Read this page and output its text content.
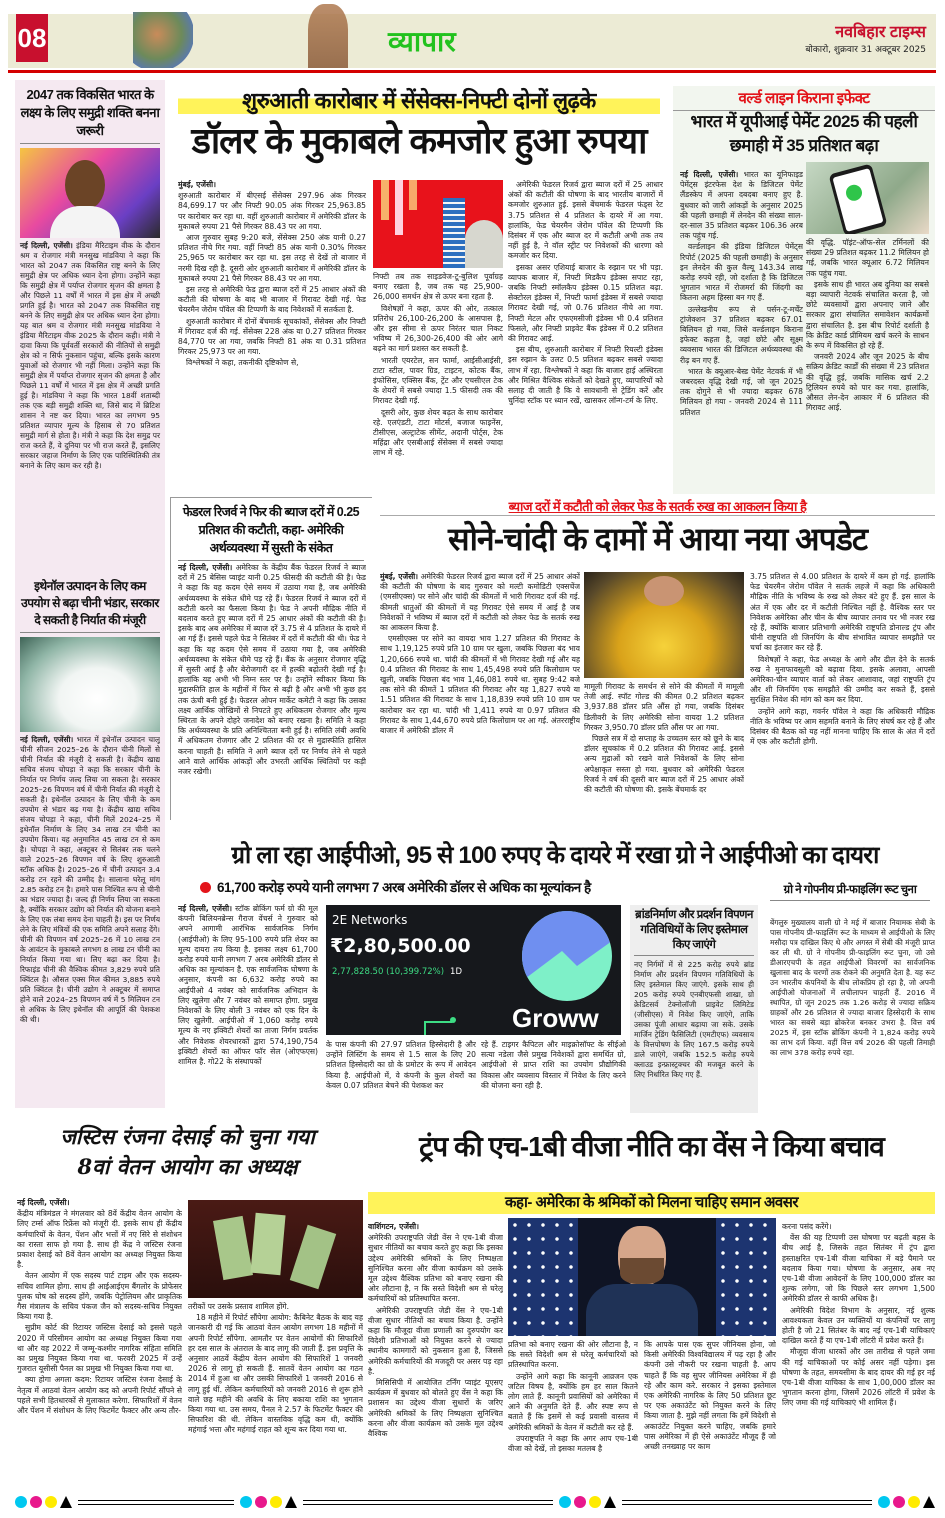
08	व्यापार	नवबिहार टाइम्स
बोकारो, शुक्रवार 31 अक्टूबर 2025
2047 तक विकसित भारत के लक्ष्य के लिए समुद्री शक्ति बनना जरूरी

नई दिल्ली, एजेंसी। इंडिया मैरिटाइम वीक के दौरान श्रम व रोजगार मंत्री मनसुख मांडविया ने कहा कि भारत को 2047 तक विकसित राष्ट्र बनने के लिए समुद्री क्षेत्र पर अधिक ध्यान देना होगा। उन्होंने कहा कि समुद्री क्षेत्र में पर्याप्त रोजगार सृजन की क्षमता है और पिछले 11 वर्षों में भारत में इस क्षेत्र में अच्छी प्रगति हुई है। भारत को 2047 तक विकसित राष्ट्र बनने के लिए समुद्री क्षेत्र पर अधिक ध्यान देना होगा। यह बात श्रम व रोजगार मंत्री मनसुख मांडविया ने इंडिया मैरिटाइम वीक 2025 के दौरान कही। मंत्री ने दावा किया कि पूर्ववर्ती सरकारों की नीतियों से समुद्री क्षेत्र को न सिर्फ नुकसान पहुंचा, बल्कि इसके कारण युवाओं को रोजगार भी नहीं मिला। उन्होंने कहा कि समुद्री क्षेत्र में पर्याप्त रोजगार सृजन की क्षमता है और पिछले 11 वर्षों में भारत में इस क्षेत्र में अच्छी प्रगति हुई है। मांडविया ने कहा कि भारत 18वीं शताब्दी तक एक बड़ी समुद्री शक्ति था, जिसे बाद में ब्रिटिश शासन ने नष्ट कर दिया। भारत का लगभग 95 प्रतिशत व्यापार मूल्य के हिसाब से 70 प्रतिशत समुद्री मार्ग से होता है। मंत्री ने कहा कि देश समुद्र पर राज करते हैं, वे दुनिया पर भी राज करते हैं, इसलिए सरकार जहाज निर्माण के लिए एक पारिस्थितिकी तंत्र बनाने के लिए काम कर रही है।

इथेनॉल उत्पादन के लिए कम उपयोग से बढ़ा चीनी भंडार, सरकार दे सकती है निर्यात की मंजूरी

नई दिल्ली, एजेंसी। भारत में इथेनॉल उत्पादन चालू चीनी सीजन 2025–26 के दौरान चीनी मिलों से चीनी निर्यात की मंजूरी दे सकती है। केंद्रीय खाद्य सचिव संजय चोपड़ा ने कहा कि सरकार चीनी के निर्यात पर निर्णय जल्द लिया जा सकता है। सरकार 2025–26 विपणन वर्ष में चीनी निर्यात की मंजूरी दे सकती है। इथेनॉल उत्पादन के लिए चीनी के कम उपयोग से भंडार बढ़ गया है। केंद्रीय खाद्य सचिव संजय चोपड़ा ने कहा, चीनी मिलें 2024–25 में इथेनॉल निर्माण के लिए 34 लाख टन चीनी का उपयोग किया। यह अनुमानित 45 लाख टन से कम है। चोपड़ा ने कहा, अक्टूबर से सितंबर तक चलने वाले 2025–26 विपणन वर्ष के लिए शुरुआती स्टॉक अधिक है। 2025–26 में चीनी उत्पादन 3.4 करोड़ टन रहने की उम्मीद है। सालाना घरेलू मांग 2.85 करोड़ टन है। हमारे पास निश्चित रूप से चीनी का भंडार ज्यादा है। जल्द ही निर्णय लिया जा सकता है, क्योंकि सरकार उद्योग को निर्यात की योजना बनाने के लिए एक लंबा समय देना चाहती है। इस पर निर्णय लेने के लिए मंत्रियों की एक समिति अपने सलाह देंगे। चीनी की विपणन वर्ष 2025–26 में 10 लाख टन के आवंटन के मुकाबले लगभग 8 लाख टन चीनी का निर्यात किया गया था। लिए बढ़ा कर दिया है। रिफाइंड चीनी की वैश्विक कीमत 3,829 रुपये प्रति क्विंटल है। औसत एक्स मिल कीमत 3,885 रुपये प्रति क्विंटल है। चीनी उद्योग ने अक्टूबर में समाप्त होने वाले 2024–25 विपणन वर्ष में 5 मिलियन टन से अधिक के लिए इथेनॉल की आपूर्ति की पेशकश की थी।

शुरुआती कारोबार में सेंसेक्स-निफ्टी दोनों लुढ़के
डॉलर के मुकाबले कमजोर हुआ रुपया

मुंबई, एजेंसी।

शुरुआती कारोबार में बीएसई सेंसेक्स 297.96 अंक गिरकर 84,699.17 पर और निफ्टी 90.05 अंक गिरकर 25,963.85 पर कारोबार कर रहा था. वहीं शुरुआती कारोबार में अमेरिकी डॉलर के मुकाबले रुपया 21 पैसे गिरकर 88.43 पर आ गया.

आज गुरुवार सुबह 9:20 बजे, सेंसेक्स 250 अंक यानी 0.27 प्रतिशत नीचे गिर गया. वहीं निफ्टी 85 अंक यानी 0.30% गिरकर 25,965 पर कारोबार कर रहा था. इस तरह से देखें तो बाजार में नरमी दिख रही है. दूसरी ओर शुरुआती कारोबार में अमेरिकी डॉलर के मुकाबले रुपया 21 पैसे गिरकर 88.43 पर आ गया.

इस तरह से अमेरिकी फेड द्वारा ब्याज दरों में 25 आधार अंकों की कटौती की घोषणा के बाद भी बाजार में गिरावट देखी गई. फेड चेयरमैन जेरोम पॉवेल की टिप्पणी के बाद निवेशकों में सतर्कता है.

शुरुआती कारोबार में दोनों बेंचमार्क सूचकांकों, सेंसेक्स और निफ्टी में गिरावट दर्ज की गई. सेंसेक्स 228 अंक या 0.27 प्रतिशत गिरकर 84,770 पर आ गया, जबकि निफ्टी 81 अंक या 0.31 प्रतिशत गिरकर 25,973 पर आ गया.

विश्लेषकों ने कहा, तकनीकी दृष्टिकोण से,

निफ्टी तब तक साइडवेज-टू-बुलिश पूर्वाग्रह बनाए रखता है, जब तक यह 25,900-26,000 समर्थन क्षेत्र से ऊपर बना रहता है.

विशेषज्ञों ने कहा, ऊपर की ओर, तत्काल प्रतिरोध 26,100-26,200 के आसपास है, और इस सीमा से ऊपर निरंतर चाल निकट भविष्य में 26,300-26,400 की ओर आगे बढ़ने का मार्ग प्रशस्त कर सकती है.

भारती एयरटेल, सन फार्मा, आईसीआईसी, टाटा स्टील, पावर ग्रिड, टाइटन, कोटक बैंक, इंफोसिस, एक्सिस बैंक, ट्रेंट और एचसीएल टेक के शेयरों में सबसे ज्यादा 1.5 फीसदी तक की गिरावट देखी गई.

दूसरी ओर, कुछ शेयर बढ़त के साथ कारोबार रहे. एलएंडटी, टाटा मोटर्स, बजाज फाइनेंस, टीसीएस, अल्ट्राटेक सीमेंट, अदानी पोर्ट्स, टेक महिंद्रा और एसबीआई सेंसेक्स में सबसे ज्यादा लाभ में रहे.

अमेरिकी फेडरल रिजर्व द्वारा ब्याज दरों में 25 आधार अंकों की कटौती की घोषणा के बाद भारतीय बाजारों में कमजोर शुरुआत हुई. इससे बेंचमार्क फेडरल फंड्स रेट 3.75 प्रतिशत से 4 प्रतिशत के दायरे में आ गया. हालांकि, फेड चेयरमैन जेरोम पॉवेल की टिप्पणी कि दिसंबर में एक और ब्याज दर में कटौती अभी तक तय नहीं हुई है, ने वॉल स्ट्रीट पर निवेशकों की धारणा को कमजोर कर दिया.

इसका असर एशियाई बाजार के रुझान पर भी पड़ा. व्यापक बाजार में, निफ्टी मिडकैप इंडेक्स सपाट रहा, जबकि निफ्टी स्मॉलकैप इंडेक्स 0.15 प्रतिशत बढ़ा. सेक्टोरल इंडेक्स में, निफ्टी फार्मा इंडेक्स में सबसे ज्यादा गिरावट देखी गई, जो 0.76 प्रतिशत नीचे आ गया. निफ्टी मेटल और एफएमसीजी इंडेक्स भी 0.4 प्रतिशत फिसले, और निफ्टी प्राइवेट बैंक इंडेक्स में 0.2 प्रतिशत की गिरावट आई.

इस बीच, शुरुआती कारोबार में निफ्टी रियल्टी इंडेक्स इस रुझान के उलट 0.5 प्रतिशत बढ़कर सबसे ज्यादा लाभ में रहा. विश्लेषकों ने कहा कि बाजार हाई अस्थिरता और मिश्रित वैश्विक संकेतों को देखते हुए, व्यापारियों को सलाह दी जाती है कि वे सावधानी से ट्रेडिंग करें और चुनिंदा स्टॉक पर ध्यान रखें, खासकर लॉन्ग-टर्म के लिए.

वर्ल्ड लाइन किराना इफेक्ट
भारत में यूपीआई पेमेंट 2025 की पहली छमाही में 35 प्रतिशत बढ़ा

नई दिल्ली, एजेंसी। भारत का यूनिफाइड पेमेंट्स इंटरफेस देश के डिजिटल पेमेंट लैंडस्केप में अपना दबदबा बनाए हुए है. बुधवार को जारी आंकड़ों के अनुसार 2025 की पहली छमाही में लेनदेन की संख्या साल-दर-साल 35 प्रतिशत बढ़कर 106.36 अरब तक पहुंच गई.

वर्ल्डलाइन की इंडिया डिजिटल पेमेंट्स रिपोर्ट (2025 की पहली छमाही) के अनुसार इन लेनदेन की कुल वैल्यू 143.34 लाख करोड़ रुपये रही, जो दर्शाता है कि डिजिटल भुगतान भारत में रोजमर्रा की जिंदगी का कितना अहम हिस्सा बन गए हैं.

उल्लेखनीय रूप से पर्सन-टू-मर्चेंट ट्रांजेक्शन 37 प्रतिशत बढ़कर 67.01 बिलियन हो गया, जिसे वर्ल्डलाइन किराना इफेक्ट कहता है, जहां छोटे और सूक्ष्म व्यवसाय भारत की डिजिटल अर्थव्यवस्था की रीढ़ बन गए हैं.

भारत के क्यूआर-बेस्ड पेमेंट नेटवर्क में भी जबरदस्त वृद्धि देखी गई, जो जून 2025 तक दोगुने से भी ज्यादा बढ़कर 678 मिलियन हो गया - जनवरी 2024 से 111 प्रतिशत

की वृद्धि. पॉइंट-ऑफ-सेल टर्मिनलों की संख्या 29 प्रतिशत बढ़कर 11.2 मिलियन हो गई, जबकि भारत क्यूआर 6.72 मिलियन तक पहुंच गया.

इसके साथ ही भारत अब दुनिया का सबसे बड़ा व्यापारी नेटवर्क संचालित करता है, जो छोटे व्यवसायों द्वारा अपनाए जाने और सरकार द्वारा संचालित समावेशन कार्यक्रमों द्वारा संचालित है. इस बीच रिपोर्ट दर्शाती है कि क्रेडिट कार्ड प्रीमियम खर्च करने के साधन के रूप में विकसित हो रहे हैं.

जनवरी 2024 और जून 2025 के बीच सक्रिय क्रेडिट कार्डों की संख्या में 23 प्रतिशत की वृद्धि हुई, जबकि मासिक खर्च 2.2 ट्रिलियन रुपये को पार कर गया. हालांकि, औसत लेन-देन आकार में 6 प्रतिशत की गिरावट आई.

फेडरल रिजर्व ने फिर की ब्याज दरों में 0.25 प्रतिशत की कटौती, कहा- अमेरिकी अर्थव्यवस्था में सुस्ती के संकेत

नई दिल्ली, एजेंसी। अमेरिका के केंद्रीय बैंक फेडरल रिजर्व ने ब्याज दरों में 25 बेसिस प्वाइंट यानी 0.25 फीसदी की कटौती की है। फेड ने कहा कि यह कदम ऐसे समय में उठाया गया है, जब अमेरिकी अर्थव्यवस्था के संकेत धीमे पड़ रहे हैं। फेडरल रिजर्व ने ब्याज दरों में कटौती करने का फैसला किया है। फेड ने अपनी मौद्रिक नीति में बदलाव करते हुए ब्याज दरों में 25 आधार अंकों की कटौती की है। इसके बाद अब अमेरिका में ब्याज दरें 3.75 से 4 प्रतिशत के दायरे में आ गई हैं। इससे पहले फेड ने सितंबर में दरों में कटौती की थी। फेड ने कहा कि यह कदम ऐसे समय में उठाया गया है, जब अमेरिकी अर्थव्यवस्था के संकेत धीमे पड़ रहे हैं। बैंक के अनुसार रोजगार वृद्धि में सुस्ती आई है और बेरोजगारी दर में हल्की बढ़ोतरी देखी गई है। हालांकि यह अभी भी निम्न स्तर पर है। उन्होंने स्वीकार किया कि मुद्रास्फीति हाल के महीनों में फिर से बढ़ी है और अभी भी कुछ हद तक ऊंची बनी हुई है। फेडरल ओपन मार्केट कमेटी ने कहा कि उसका लक्ष्य आर्थिक जोखिमों से निपटते हुए अधिकतम रोजगार और मूल्य स्थिरता के अपने दोहरे जनादेश को बनाए रखना है। समिति ने कहा कि अर्थव्यवस्था के प्रति अनिश्चितता बनी हुई है। समिति लंबी अवधि में अधिकतम रोजगार और 2 प्रतिशत की दर से मुद्रास्फीति हासिल करना चाहती है। समिति ने आगे ब्याज दरों पर निर्णय लेने से पहले आने वाले आर्थिक आंकड़ों और उभरती आर्थिक स्थितियों पर कड़ी नजर रखेगी।

ब्याज दरों में कटौती को लेकर फेड के सतर्क रुख का आकलन किया है
सोने-चांदी के दामों में आया नया अपडेट

मुंबई, एजेंसी। अमेरिकी फेडरल रिजर्व द्वारा ब्याज दरों में 25 आधार अंकों की कटौती की घोषणा के बाद गुरुवार को मल्टी कमोडिटी एक्सचेंज (एमसीएक्स) पर सोने और चांदी की कीमतों में भारी गिरावट दर्ज की गई. कीमती धातुओं की कीमतों में यह गिरावट ऐसे समय में आई है जब निवेशकों ने भविष्य में ब्याज दरों में कटौती को लेकर फेड के सतर्क रुख का आकलन किया है.

एमसीएक्स पर सोने का वायदा भाव 1.27 प्रतिशत की गिरावट के साथ 1,19,125 रुपये प्रति 10 ग्राम पर खुला, जबकि पिछला बंद भाव 1,20,666 रुपये था. चांदी की कीमतों में भी गिरावट देखी गई और यह 0.4 प्रतिशत की गिरावट के साथ 1,45,498 रुपये प्रति किलोग्राम पर खुली, जबकि पिछला बंद भाव 1,46,081 रुपये था. सुबह 9:42 बजे तक सोने की कीमतें 1 प्रतिशत की गिरावट और यह 1,827 रुपये या 1.51 प्रतिशत की गिरावट के साथ 1,18,839 रुपये प्रति 10 ग्राम पर कारोबार कर रहा था. चांदी भी 1,411 रुपये या 0.97 प्रतिशत की गिरावट के साथ 1,44,670 रुपये प्रति किलोग्राम पर आ गई. अंतरराष्ट्रीय बाजार में अमेरिकी डॉलर में

मामूली गिरावट के समर्थन से सोने की कीमतों में मामूली तेजी आई. स्पॉट गोल्ड की कीमत 0.2 प्रतिशत बढ़कर 3,937.88 डॉलर प्रति औंस हो गया, जबकि दिसंबर डिलीवरी के लिए अमेरिकी सोना वायदा 1.2 प्रतिशत गिरकर 3,950.70 डॉलर प्रति औंस पर आ गया.

पिछले सत्र में दो सप्ताह के उच्चतम स्तर को छूने के बाद डॉलर सूचकांक में 0.2 प्रतिशत की गिरावट आई. इससे अन्य मुद्राओं को रखने वाले निवेशकों के लिए सोना अपेक्षाकृत सस्ता हो गया. बुधवार को अमेरिकी फेडरल रिजर्व ने वर्ष की दूसरी बार ब्याज दरों में 25 आधार अंकों की कटौती की घोषणा की. इसके बेंचमार्क दर

3.75 प्रतिशत से 4.00 प्रतिशत के दायरे में कम हो गई. हालांकि फेड चेयरमैन जेरोम पॉवेल ने सतर्क लहजे में कहा कि अधिकारी मौद्रिक नीति के भविष्य के रुख को लेकर बंटे हुए हैं. इस साल के अंत में एक और दर में कटौती निश्चित नहीं है. वैश्विक स्तर पर निवेशक अमेरिका और चीन के बीच व्यापार तनाव पर भी नजर रख रहे हैं, क्योंकि बाजार प्रतिभागी अमेरिकी राष्ट्रपति डोनाल्ड ट्रंप और चीनी राष्ट्रपति शी जिनपिंग के बीच संभावित व्यापार समझौते पर चर्चा का इंतजार कर रहे हैं.

विशेषज्ञों ने कहा, फेड अध्यक्ष के आगे और ढील देने के सतर्क रुख ने मुनाफावसूली को बढ़ावा दिया. इसके अलावा, आपसी अमेरिका-चीन व्यापार वार्ता को लेकर आशावाद, जहां राष्ट्रपति ट्रंप और शी जिनपिंग एक समझौते की उम्मीद कर सकते हैं, इससे सुरक्षित निवेश की मांग को कम कर दिया.

उन्होंने आगे कहा, गवर्नर पॉवेल ने कहा कि अधिकारी मौद्रिक नीति के भविष्य पर आम सहमति बनाने के लिए संघर्ष कर रहे हैं और दिसंबर की बैठक को यह नहीं मानना चाहिए कि साल के अंत में दरों में एक और कटौती होगी.

ग्रो ला रहा आईपीओ, 95 से 100 रुपए के दायरे में रखा ग्रो ने आईपीओ का दायरा
61,700 करोड़ रुपये यानी लगभग 7 अरब अमेरिकी डॉलर से अधिक का मूल्यांकन है

नई दिल्ली, एजेंसी। स्टॉक ब्रोकिंग फर्म ग्रो की मूल कंपनी बिलियनब्रेन्स गैराज वेंचर्स ने गुरुवार को अपने आगामी आरंभिक सार्वजनिक निर्गम (आईपीओ) के लिए 95-100 रुपये प्रति शेयर का मूल्य दायरा तय किया है. इसका लक्ष्य 61,700 करोड़ रुपये यानी लगभग 7 अरब अमेरिकी डॉलर से अधिक का मूल्यांकन है. एक सार्वजनिक घोषणा के अनुसार, कंपनी का 6,632 करोड़ रुपये का आईपीओ 4 नवंबर को सार्वजनिक अभिदान के लिए खुलेगा और 7 नवंबर को समाप्त होगा. प्रमुख निवेशकों के लिए बोली 3 नवंबर को एक दिन के लिए खुलेगी. आईपीओ में 1,060 करोड़ रुपये मूल्य के नए इक्विटी शेयरों का ताजा निर्गम प्रवर्तक और निवेशक शेयरधारकों द्वारा 574,190,754 इक्विटी शेयरों का ऑफर फॉर सेल (ओएफएस) शामिल है. गो22 के संस्थापकों

2E Networks
₹2,80,500.00
2,77,828.50 (10,399.72%) 1D
Groww

के पास कंपनी की 27.97 प्रतिशत हिस्सेदारी है और उन्होंने लिस्टिंग के समय से 1.5 साल के लिए 20 प्रतिशत हिस्सेदारी का ग्रो के प्रमोटर के रूप में आवेदन किया है. आईपीओ में, वे कंपनी के कुल शेयरों का केवल 0.07 प्रतिशत बेचने की पेशकश कर

रहे हैं. टाइगर कैपिटल और माइक्रोसॉफ्ट के सीईओ सत्या नडेला जैसे प्रमुख निवेशकों द्वारा समर्थित ग्रो, आईपीओ से प्राप्त राशि का उपयोग प्रौद्योगिकी विकास और व्यवसाय विस्तार में निवेश के लिए करने की योजना बना रही है.

ब्रांडनिर्माण और प्रदर्शन विपणन गतिविधियों के लिए इस्तेमाल किए जाएंगे

नए निर्गमों में से 225 करोड़ रुपये ब्रांड निर्माण और प्रदर्शन विपणन गतिविधियों के लिए इस्तेमाल किए जाएंगे. इसके साथ ही 205 करोड़ रुपये एनबीएफसी शाखा, ग्रो क्रेडिटसर्व टेक्नोलॉजी प्राइवेट लिमिटेड (जीसीएस) में निवेश किए जाएंगे, ताकि उसका पूंजी आधार बढ़ाया जा सके. उसके मार्जिन ट्रेडिंग फैसिलिटी (एमटीएफ) व्यवसाय के वित्तपोषण के लिए 167.5 करोड़ रुपये डाले जाएंगे, जबकि 152.5 करोड़ रुपये क्लाउड इन्फ्रास्ट्रक्चर की मजबूत करने के लिए निर्धारित किए गए हैं.

ग्रो ने गोपनीय प्री-फाइलिंग रूट चुना

बेंगलुरु मुख्यालय वाली ग्रो ने मई में बाजार नियामक सेबी के पास गोपनीय प्री-फाइलिंग रूट के माध्यम से आईपीओ के लिए मसौदा पत्र दाखिल किए थे और अगस्त में सेबी की मंजूरी प्राप्त कर ली थी. ग्रो ने गोपनीय प्री-फाइलिंग रूट चुना, जो उसे डीआरएचपी के तहत आईपीओ विवरणों का सार्वजनिक खुलासा बाद के चरणों तक रोकने की अनुमति देता है. यह रूट उन भारतीय कंपनियों के बीच लोकप्रिय हो रहा है, जो अपनी आईपीओ योजनाओं में लचीलापन चाहती हैं. 2016 में स्थापित, ग्रो जून 2025 तक 1.26 करोड़ से ज्यादा सक्रिय ग्राहकों और 26 प्रतिशत से ज्यादा बाजार हिस्सेदारी के साथ भारत का सबसे बड़ा ब्रोकरेज बनकर उभरा है. वित्त वर्ष 2025 में, इस स्टॉक ब्रोकिंग कंपनी ने 1,824 करोड़ रुपये का लाभ दर्ज किया. वहीं वित्त वर्ष 2026 की पहली तिमाही का लाभ 378 करोड़ रुपये रहा.

जस्टिस रंजना देसाई को चुना गया
8वां वेतन आयोग का अध्यक्ष

नई दिल्ली, एजेंसी।

केंद्रीय मंत्रिमंडल ने मंगलवार को 8वें केंद्रीय वेतन आयोग के लिए टर्म्स ऑफ रिफ्रेंस को मंजूरी दी. इसके साथ ही केंद्रीय कर्मचारियों के वेतन, पेंशन और भत्तों में नए सिरे से संशोधन का रास्ता साफ हो गया है. साथ ही केंद्र ने जस्टिस रंजना प्रकाश देसाई को 8वें वेतन आयोग का अध्यक्ष नियुक्त किया है.

वेतन आयोग में एक सदस्य पार्ट टाइम और एक सदस्य-सचिव शामिल होगा. साथ ही आईआईएम बैंगलोर के प्रोफेसर पुलक घोष को सदस्य होंगे, जबकि पेट्रोलियम और प्राकृतिक गैस मंत्रालय के सचिव पंकज जैन को सदस्य-सचिव नियुक्त किया गया है.

सुप्रीम कोर्ट की रिटायर जस्टिस देसाई को इससे पहले 2020 में परिसीमन आयोग का अध्यक्ष नियुक्त किया गया था और वह 2022 में जम्मू-कश्मीर नागरिक संहिता समिति का प्रमुख नियुक्त किया गया था. फरवरी 2025 में उन्हें गुजरात यूसीसी पैनल का प्रमुख भी नियुक्त किया गया था.

क्या होगा अगला कदम: रिटायर जस्टिस रंजना देसाई के नेतृत्व में आठवां वेतन आयोग कद को अपनी रिपोर्ट सौंपने से पहले सभी हितधारकों से मुलाकात करेगा. सिफारिशों में वेतन और पेंशन में संशोधन के लिए फिटमेंट फैक्टर और अन्य तौर-

तरीकों पर उसके प्रस्ताव शामिल होंगे.

18 महीने में रिपोर्ट सौंपेगा आयोग: कैबिनेट बैठक के बाद यह जानकारी दी गई कि आठवां वेतन आयोग लगभग 18 महीनों में अपनी रिपोर्ट सौंपेगा. आमतौर पर वेतन आयोगों की सिफारिशें हर दस साल के अंतराल के बाद लागू की जाती हैं. इस प्रवृत्ति के अनुसार आठवें केंद्रीय वेतन आयोग की सिफारिशें 1 जनवरी 2026 से लागू हो सकती हैं. सातवें वेतन आयोग का गठन 2014 में हुआ था और उसकी सिफारिशें 1 जनवरी 2016 से लागू हुई थीं. लेकिन कर्मचारियों को जनवरी 2016 से शुरू होने वाले छह महीने की अवधि के लिए बकाया राशि का भुगतान किया गया था. उस समय, पैनल ने 2.57 के फिटमेंट फैक्टर की सिफारिश की थी. लेकिन वास्तविक वृद्धि कम थी, क्योंकि महंगाई भत्ता और महंगाई राहत को शून्य कर दिया गया था.

ट्रंप की एच-1बी वीजा नीति का वेंस ने किया बचाव
कहा- अमेरिका के श्रमिकों को मिलना चाहिए समान अवसर

वाशिंगटन, एजेंसी।

अमेरिकी उपराष्ट्रपति जेडी वेंस ने एच-1बी वीजा सुधार नीतियों का बचाव करते हुए कहा कि इसका उद्देश्य अमेरिकी श्रमिकों के लिए निष्पक्षता सुनिश्चित करना और वीजा कार्यक्रम को उसके मूल उद्देश्य वैश्विक प्रतिभा को बनाए रखना की ओर लौटाना है, न कि सस्ते विदेशी श्रम से घरेलू कर्मचारियों को प्रतिस्थापित करना.

अमेरिकी उपराष्ट्रपति जेडी वेंस ने एच-1बी वीजा सुधार नीतियों का बचाव किया है. उन्होंने कहा कि मौजूदा वीजा प्रणाली का दुरुपयोग कर विदेशी प्रतिभाओं को नियुक्त करने से ज्यादा स्थानीय कामगारों को नुकसान हुआ है, जिससे अमेरिकी कर्मचारियों की मजदूरी पर असर पड़ रहा है.

मिसिसिपी में आयोजित टर्निंग प्वाइंट यूएसए कार्यक्रम में बुधवार को बोलते हुए वेंस ने कहा कि प्रशासन का उद्देश्य वीजा सुधारों के जरिए अमेरिकी श्रमिकों के लिए निष्पक्षता सुनिश्चित करना और वीजा कार्यक्रम को उसके मूल उद्देश्य वैश्विक

प्रतिभा को बनाए रखना की ओर लौटाना है, न कि सस्ते विदेशी श्रम से घरेलू कर्मचारियों को प्रतिस्थापित करना.

उन्होंने आगे कहा कि कानूनी आव्रजन एक जटिल विषय है, क्योंकि हम हर साल कितने लोग लाते हैं. कानूनी प्रवासियों को अमेरिका में आने की अनुमति देते हैं. और स्पष्ट रूप से बताते हैं कि इसमें से कई प्रवासी वास्तव में अमेरिकी श्रमिकों के वेतन में कटौती कर रहे हैं.

उपराष्ट्रपति ने कहा कि अगर आप एच-1बी वीजा को देखें, तो इसका मतलब है

कि आपके पास एक सुपर जीनियस होना, जो किसी अमेरिकी विश्वविद्यालय में पढ़ रहा है और कंपनी उसे नौकरी पर रखना चाहती है. आप चाहते हैं कि वह सुपर जीनियस अमेरिका में ही रहे और काम करे. सरकार ने इसका इस्तेमाल एक अमेरिकी नागरिक के लिए 50 प्रतिशत छूट पर एक अकाउंटेंट को नियुक्त करने के लिए किया जाता है. मुझे नहीं लगता कि हमें विदेशी से अकाउंटेंट नियुक्त करने चाहिए, जबकि हमारे पास अमेरिका में ही ऐसे अकाउंटेंट मौजूद हैं जो अच्छी तनख्वाह पर काम

करना पसंद करेंगे।

वेंस की यह टिप्पणी उस घोषणा पर बढ़ती बहस के बीच आई है, जिसके तहत सितंबर में ट्रंप द्वारा हस्ताक्षरित एच-1बी वीजा याचिका में बड़े पैमाने पर बदलाव किया गया। घोषणा के अनुसार, अब नए एच-1बी वीजा आवेदनों के लिए 100,000 डॉलर का शुल्क लगेगा, जो कि पिछले स्तर लगभग 1,500 अमेरिकी डॉलर से काफी अधिक है।

अमेरिकी विदेश विभाग के अनुसार, नई शुल्क आवश्यकता केवल उन व्यक्तियों या कंपनियों पर लागू होती है जो 21 सितंबर के बाद नई एच-1बी याचिकाएं दाखिल करते हैं या एच-1बी लॉटरी में प्रवेश करते हैं।

मौजूदा वीजा धारकों और उस तारीख से पहले जमा की गई याचिकाओं पर कोई असर नहीं पड़ेगा। इस घोषणा के तहत, समयसीमा के बाद दायर की गई हर नई एच-1बी वीजा याचिका के साथ 1,00,000 डॉलर का भुगतान करना होगा, जिसमें 2026 लॉटरी में प्रवेश के लिए जमा की गई याचिकाएं भी शामिल हैं।
